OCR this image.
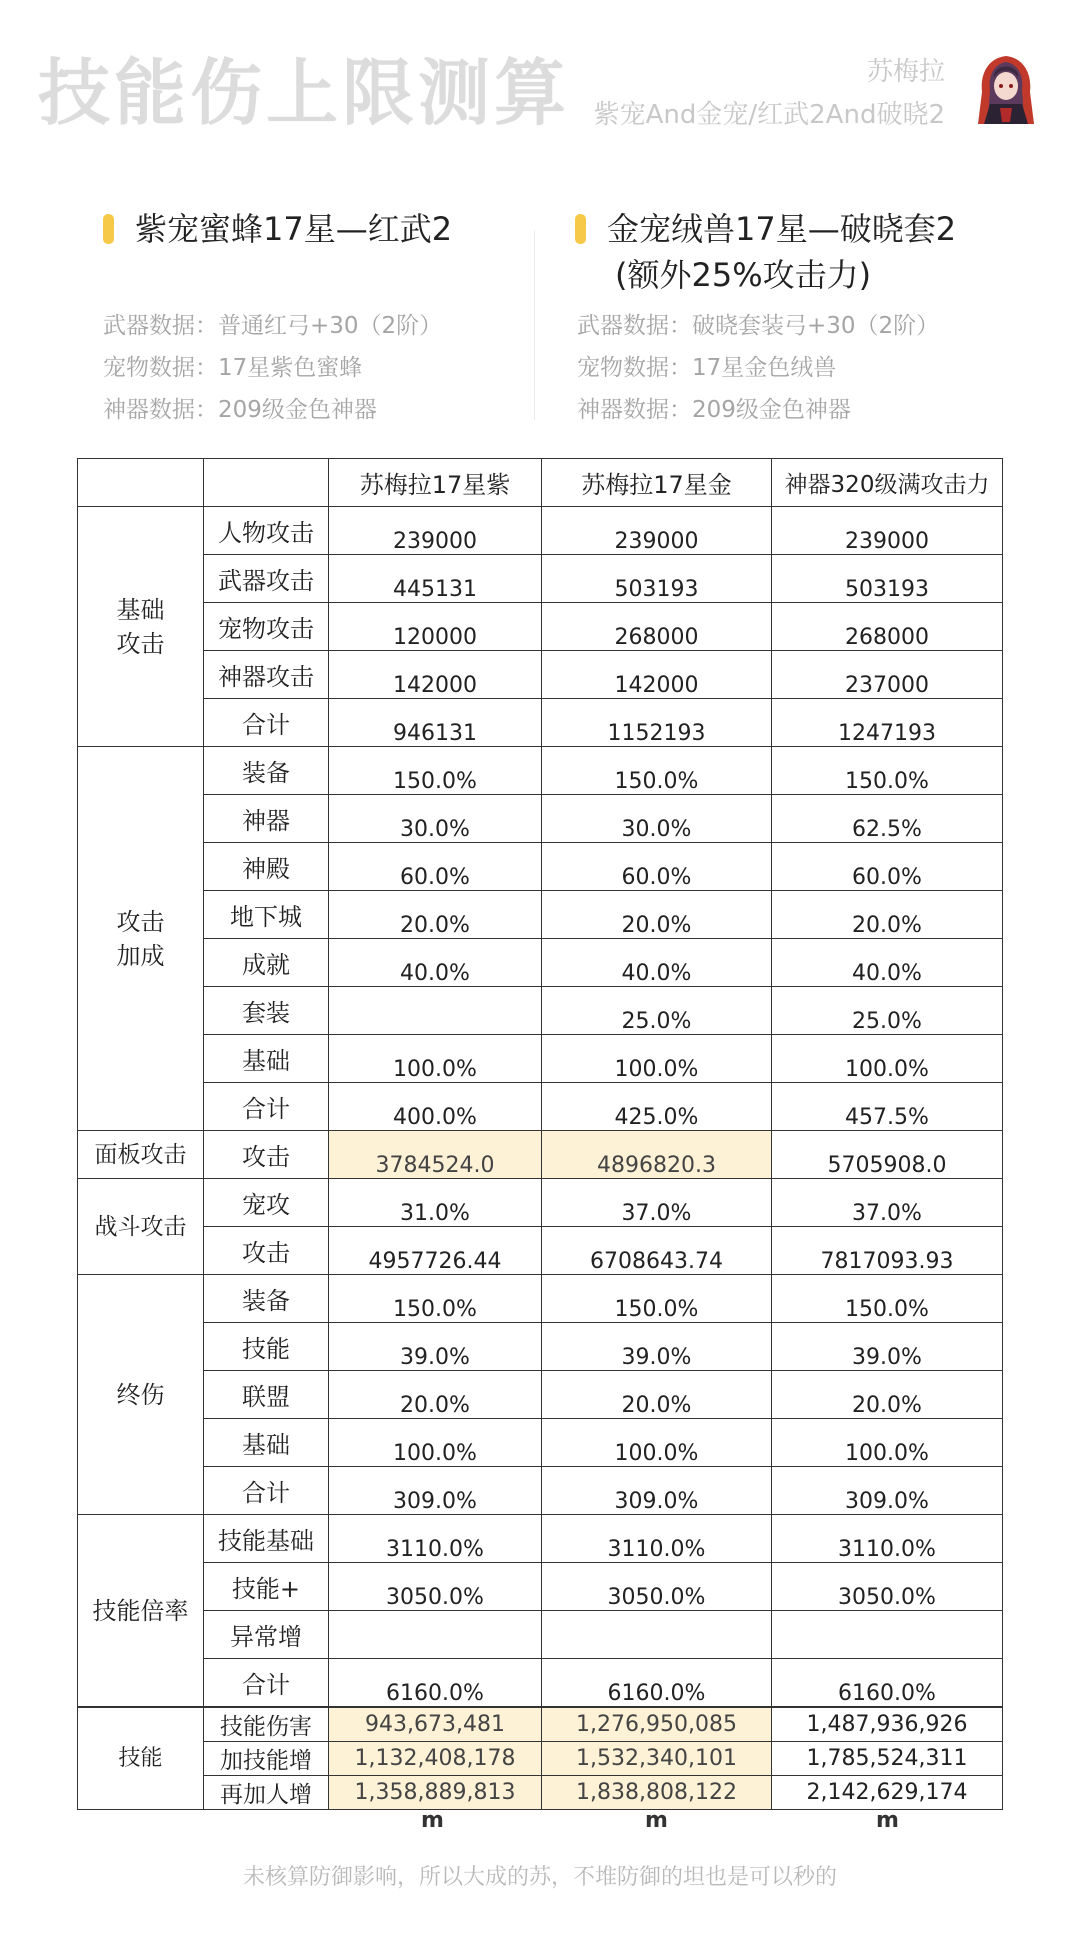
技能伤上限测算	苏梅拉
紫宠And金宠/红武2And破晓2
紫宠蜜蜂17星—红武2
武器数据：普通红弓+30（2阶）
宠物数据：17星紫色蜜蜂
神器数据：209级金色神器
金宠绒兽17星—破晓套2
(额外25%攻击力)
武器数据：破晓套装弓+30（2阶）
宠物数据：17星金色绒兽
神器数据：209级金色神器
		苏梅拉17星紫	苏梅拉17星金	神器320级满攻击力
基础攻击	人物攻击	239000	239000	239000
	武器攻击	445131	503193	503193
	宠物攻击	120000	268000	268000
	神器攻击	142000	142000	237000
	合计	946131	1152193	1247193
攻击加成	装备	150.0%	150.0%	150.0%
	神器	30.0%	30.0%	62.5%
	神殿	60.0%	60.0%	60.0%
	地下城	20.0%	20.0%	20.0%
	成就	40.0%	40.0%	40.0%
	套装		25.0%	25.0%
	基础	100.0%	100.0%	100.0%
	合计	400.0%	425.0%	457.5%
面板攻击	攻击	3784524.0	4896820.3	5705908.0
战斗攻击	宠攻	31.0%	37.0%	37.0%
	攻击	4957726.44	6708643.74	7817093.93
终伤	装备	150.0%	150.0%	150.0%
	技能	39.0%	39.0%	39.0%
	联盟	20.0%	20.0%	20.0%
	基础	100.0%	100.0%	100.0%
	合计	309.0%	309.0%	309.0%
技能倍率	技能基础	3110.0%	3110.0%	3110.0%
	技能+	3050.0%	3050.0%	3050.0%
	异常增			
	合计	6160.0%	6160.0%	6160.0%
技能	技能伤害	943,673,481	1,276,950,085	1,487,936,926
	加技能增	1,132,408,178	1,532,340,101	1,785,524,311
	再加人增	1,358,889,813	1,838,808,122	2,142,629,174
m	m	m
未核算防御影响，所以大成的苏，不堆防御的坦也是可以秒的
